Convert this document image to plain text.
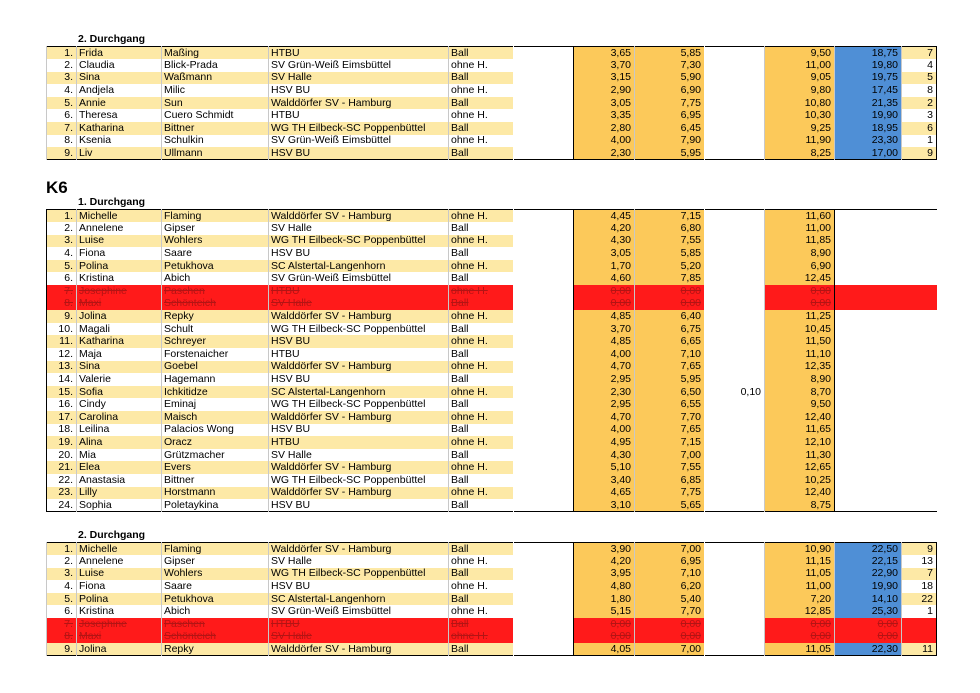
2. Durchgang
1.	Frida	Maßing	HTBU	Ball		3,65	5,85		9,50	18,75	7
2.	Claudia	Blick-Prada	SV Grün-Weiß Eimsbüttel	ohne H.		3,70	7,30		11,00	19,80	4
3.	Sina	Waßmann	SV Halle	Ball		3,15	5,90		9,05	19,75	5
4.	Andjela	Milic	HSV BU	ohne H.		2,90	6,90		9,80	17,45	8
5.	Annie	Sun	Walddörfer SV - Hamburg	Ball		3,05	7,75		10,80	21,35	2
6.	Theresa	Cuero Schmidt	HTBU	ohne H.		3,35	6,95		10,30	19,90	3
7.	Katharina	Bittner	WG TH Eilbeck-SC Poppenbüttel	Ball		2,80	6,45		9,25	18,95	6
8.	Ksenia	Schulkin	SV Grün-Weiß Eimsbüttel	ohne H.		4,00	7,90		11,90	23,30	1
9.	Liv	Ullmann	HSV BU	Ball		2,30	5,95		8,25	17,00	9
K6
1. Durchgang
1.	Michelle	Flaming	Walddörfer SV - Hamburg	ohne H.		4,45	7,15		11,60	
2.	Annelene	Gipser	SV Halle	Ball		4,20	6,80		11,00	
3.	Luise	Wohlers	WG TH Eilbeck-SC Poppenbüttel	ohne H.		4,30	7,55		11,85	
4.	Fiona	Saare	HSV BU	Ball		3,05	5,85		8,90	
5.	Polina	Petukhova	SC Alstertal-Langenhorn	ohne H.		1,70	5,20		6,90	
6.	Kristina	Abich	SV Grün-Weiß Eimsbüttel	Ball		4,60	7,85		12,45	
7.	Josephine	Paschen	HTBU	ohne H.		0,00	0,00		0,00	
8.	Maxi	Schönteich	SV Halle	Ball		0,00	0,00		0,00	
9.	Jolina	Repky	Walddörfer SV - Hamburg	ohne H.		4,85	6,40		11,25	
10.	Magali	Schult	WG TH Eilbeck-SC Poppenbüttel	Ball		3,70	6,75		10,45	
11.	Katharina	Schreyer	HSV BU	ohne H.		4,85	6,65		11,50	
12.	Maja	Forstenaicher	HTBU	Ball		4,00	7,10		11,10	
13.	Sina	Goebel	Walddörfer SV - Hamburg	ohne H.		4,70	7,65		12,35	
14.	Valerie	Hagemann	HSV BU	Ball		2,95	5,95		8,90	
15.	Sofia	Ichkitidze	SC Alstertal-Langenhorn	ohne H.		2,30	6,50	0,10	8,70	
16.	Cindy	Eminaj	WG TH Eilbeck-SC Poppenbüttel	Ball		2,95	6,55		9,50	
17.	Carolina	Maisch	Walddörfer SV - Hamburg	ohne H.		4,70	7,70		12,40	
18.	Leilina	Palacios Wong	HSV BU	Ball		4,00	7,65		11,65	
19.	Alina	Oracz	HTBU	ohne H.		4,95	7,15		12,10	
20.	Mia	Grützmacher	SV Halle	Ball		4,30	7,00		11,30	
21.	Elea	Evers	Walddörfer SV - Hamburg	ohne H.		5,10	7,55		12,65	
22.	Anastasia	Bittner	WG TH Eilbeck-SC Poppenbüttel	Ball		3,40	6,85		10,25	
23.	Lilly	Horstmann	Walddörfer SV - Hamburg	ohne H.		4,65	7,75		12,40	
24.	Sophia	Poletaykina	HSV BU	Ball		3,10	5,65		8,75	
2. Durchgang
1.	Michelle	Flaming	Walddörfer SV - Hamburg	Ball		3,90	7,00		10,90	22,50	9
2.	Annelene	Gipser	SV Halle	ohne H.		4,20	6,95		11,15	22,15	13
3.	Luise	Wohlers	WG TH Eilbeck-SC Poppenbüttel	Ball		3,95	7,10		11,05	22,90	7
4.	Fiona	Saare	HSV BU	ohne H.		4,80	6,20		11,00	19,90	18
5.	Polina	Petukhova	SC Alstertal-Langenhorn	Ball		1,80	5,40		7,20	14,10	22
6.	Kristina	Abich	SV Grün-Weiß Eimsbüttel	ohne H.		5,15	7,70		12,85	25,30	1
7.	Josephine	Paschen	HTBU	Ball		0,00	0,00		0,00	0,00	
8.	Maxi	Schönteich	SV Halle	ohne H.		0,00	0,00		0,00	0,00	
9.	Jolina	Repky	Walddörfer SV - Hamburg	Ball		4,05	7,00		11,05	22,30	11
